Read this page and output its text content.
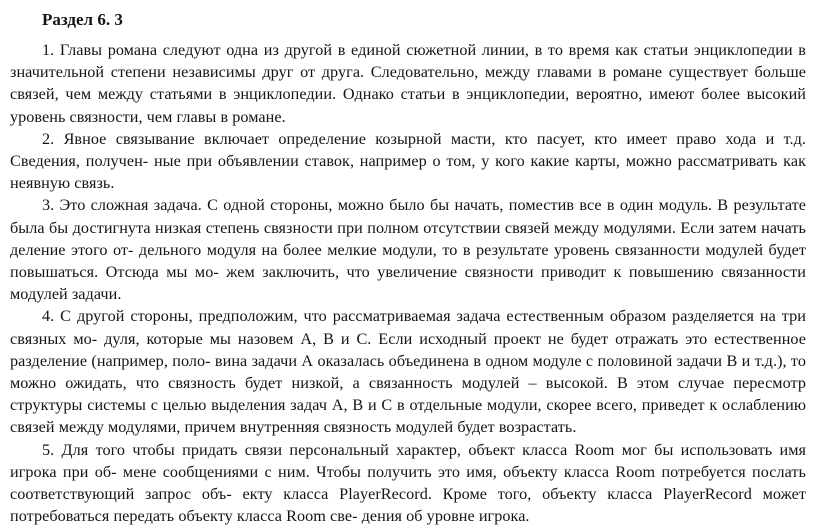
Раздел 6. 3

1. Главы романа следуют одна из другой в единой сюжетной линии, в то время как статьи энциклопедии в значительной степени независимы друг от друга. Следовательно, между главами в романе существует больше связей, чем между статьями в энциклопедии. Однако статьи в энциклопедии, вероятно, имеют более высокий уровень связности, чем главы в романе.

2. Явное связывание включает определение козырной масти, кто пасует, кто имеет право хода и т.д. Сведения, получен- ные при объявлении ставок, например о том, у кого какие карты, можно рассматривать как неявную связь.

3. Это сложная задача. С одной стороны, можно было бы начать, поместив все в один модуль. В результате была бы достигнута низкая степень связности при полном отсутствии связей между модулями. Если затем начать деление этого от- дельного модуля на более мелкие модули, то в результате уровень связанности модулей будет повышаться. Отсюда мы мо- жем заключить, что увеличение связности приводит к повышению связанности модулей задачи.

4. С другой стороны, предположим, что рассматриваемая задача естественным образом разделяется на три связных мо- дуля, которые мы назовем А, В и С. Если исходный проект не будет отражать это естественное разделение (например, поло- вина задачи А оказалась объединена в одном модуле с половиной задачи В и т.д.), то можно ожидать, что связность будет низкой, а связанность модулей – высокой. В этом случае пересмотр структуры системы с целью выделения задач А, В и С в отдельные модули, скорее всего, приведет к ослаблению связей между модулями, причем внутренняя связность модулей будет возрастать.

5. Для того чтобы придать связи персональный характер, объект класса Room мог бы использовать имя игрока при об- мене сообщениями с ним. Чтобы получить это имя, объекту класса Room потребуется послать соответствующий запрос объ- екту класса PlayerRecord. Кроме того, объекту класса PlayerRecord может потребоваться передать объекту класса Room све- дения об уровне игрока.
